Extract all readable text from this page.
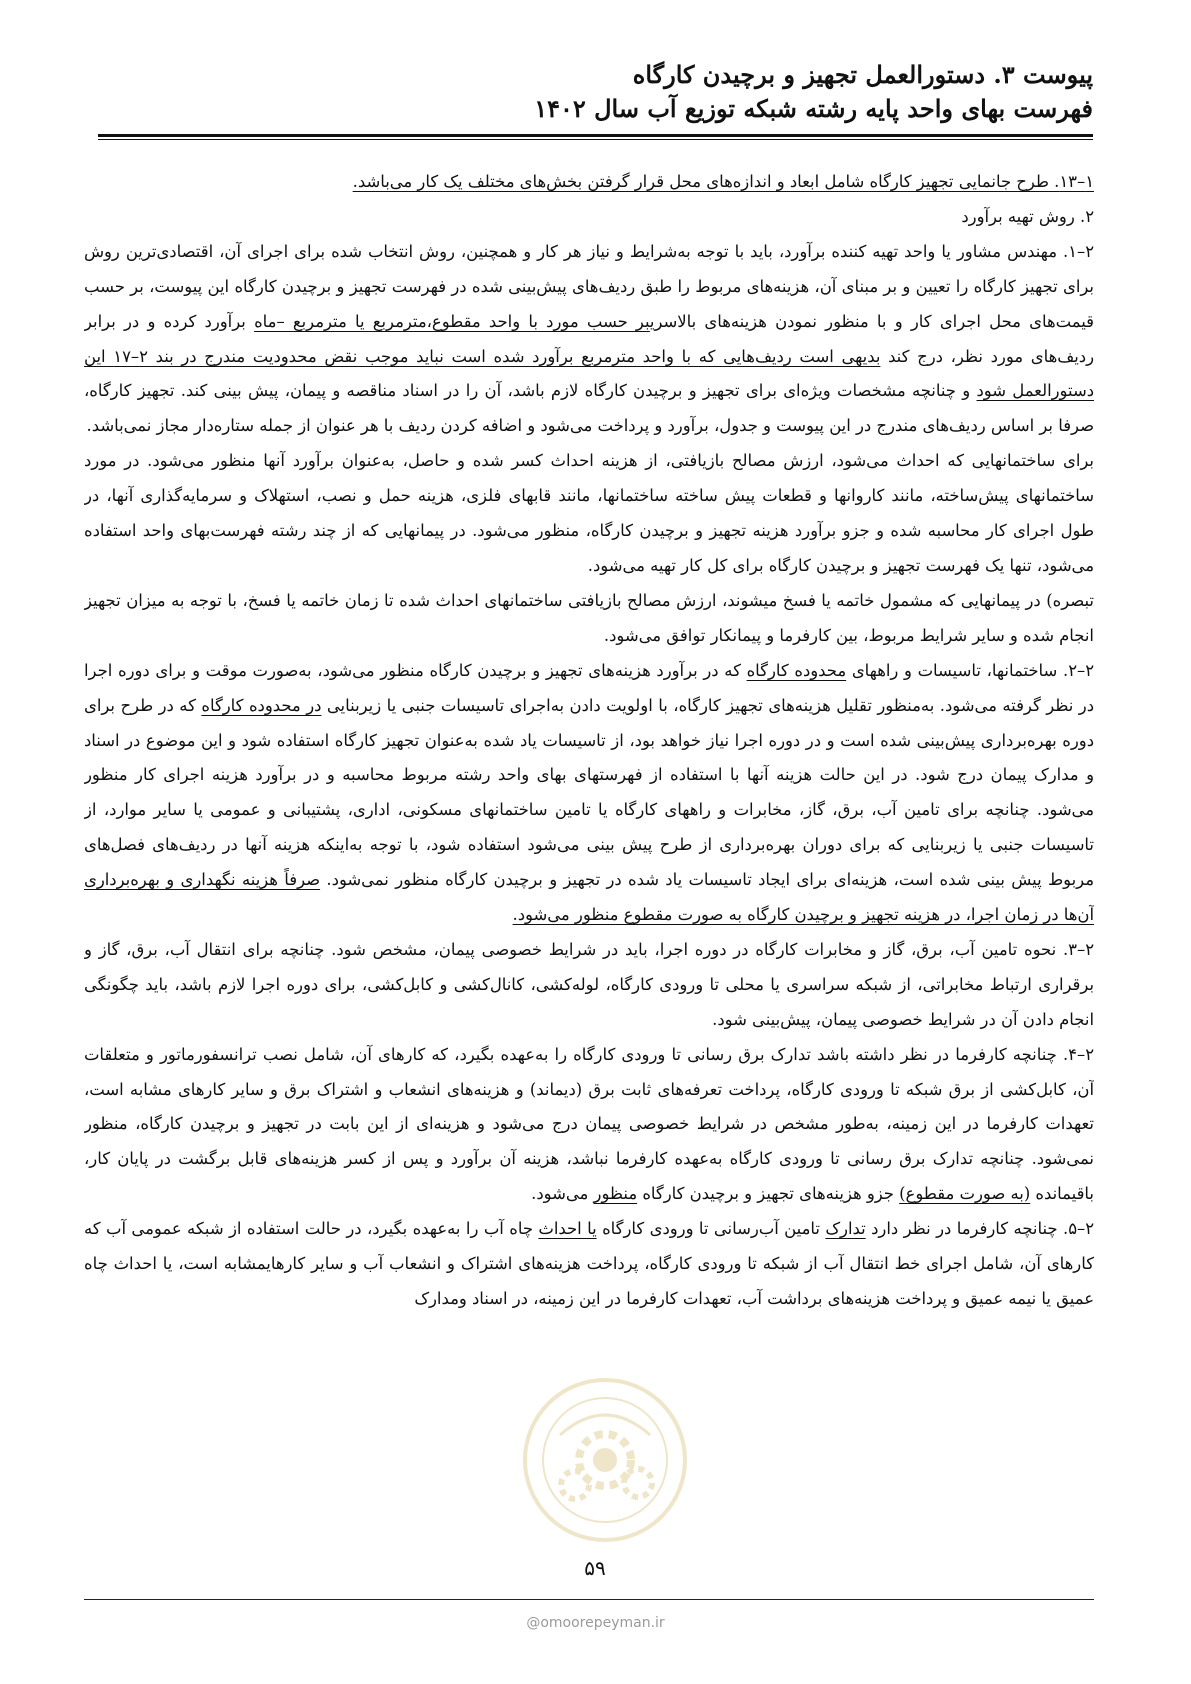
پیوست ۳. دستورالعمل تجهیز و برچیدن کارگاه
فهرست بهای واحد پایه رشته شبکه توزیع آب سال ۱۴۰۲

۱–۱۳. طرح جانمایی تجهیز کارگاه شامل ابعاد و اندازه‌های محل قرار گرفتن بخش‌های مختلف یک کار می‌باشد.

۲. روش تهیه برآورد

۲–۱. مهندس مشاور یا واحد تهیه کننده برآورد، باید با توجه به‌شرایط و نیاز هر کار و همچنین، روش انتخاب شده برای اجرای آن، اقتصادی‌ترین روش برای تجهیز کارگاه را تعیین و بر مبنای آن، هزینه‌های مربوط را طبق ردیف‌های پیش‌بینی شده در فهرست تجهیز و برچیدن کارگاه این پیوست، بر حسب قیمت‌های محل اجرای کار و با منظور نمودن هزینه‌های بالاسریبر حسب مورد با واحد مقطوع،مترمربع یا مترمربع –ماه برآورد کرده و در برابر ردیف‌های مورد نظر، درج کند بدیهی است ردیف‌هایی که با واحد مترمربع برآورد شده است نباید موجب نقض محدودیت مندرج در بند ۲–۱۷ این دستورالعمل شود و چنانچه مشخصات ویژه‌ای برای تجهیز و برچیدن کارگاه لازم باشد، آن را در اسناد مناقصه و پیمان، پیش بینی کند. تجهیز کارگاه، صرفا بر اساس ردیف‌های مندرج در این پیوست و جدول، برآورد و پرداخت می‌شود و اضافه کردن ردیف با هر عنوان از جمله ستاره‌دار مجاز نمی‌باشد.

برای ساختمانهایی که احداث می‌شود، ارزش مصالح بازیافتی، از هزینه احداث کسر شده و حاصل، به‌عنوان برآورد آنها منظور می‌شود. در مورد ساختمانهای پیش‌ساخته، مانند کاروانها و قطعات پیش ساخته ساختمانها، مانند قابهای فلزی، هزینه حمل و نصب، استهلاک و سرمایه‌گذاری آنها، در طول اجرای کار محاسبه شده و جزو برآورد هزینه تجهیز و برچیدن کارگاه، منظور می‌شود. در پیمانهایی که از چند رشته فهرست‌بهای واحد استفاده می‌شود، تنها یک فهرست تجهیز و برچیدن کارگاه برای کل کار تهیه می‌شود.

تبصره) در پیمانهایی که مشمول خاتمه یا فسخ میشوند، ارزش مصالح بازیافتی ساختمانهای احداث شده تا زمان خاتمه یا فسخ، با توجه به میزان تجهیز انجام شده و سایر شرایط مربوط، بین کارفرما و پیمانکار توافق می‌شود.

۲–۲. ساختمانها، تاسیسات و راههای محدوده کارگاه که در برآورد هزینه‌های تجهیز و برچیدن کارگاه منظور می‌شود، به‌صورت موقت و برای دوره اجرا در نظر گرفته می‌شود. به‌منظور تقلیل هزینه‌های تجهیز کارگاه، با اولویت دادن به‌اجرای تاسیسات جنبی یا زیربنایی در محدوده کارگاه که در طرح برای دوره بهره‌برداری پیش‌بینی شده است و در دوره اجرا نیاز خواهد بود، از تاسیسات یاد شده به‌عنوان تجهیز کارگاه استفاده شود و این موضوع در اسناد و مدارک پیمان درج شود. در این حالت هزینه آنها با استفاده از فهرستهای بهای واحد رشته مربوط محاسبه و در برآورد هزینه اجرای کار منظور می‌شود. چنانچه برای تامین آب، برق، گاز، مخابرات و راههای کارگاه یا تامین ساختمانهای مسکونی، اداری، پشتیبانی و عمومی یا سایر موارد، از تاسیسات جنبی یا زیربنایی که برای دوران بهره‌برداری از طرح پیش بینی می‌شود استفاده شود، با توجه به‌اینکه هزینه آنها در ردیف‌های فصل‌های مربوط پیش بینی شده است، هزینه‌ای برای ایجاد تاسیسات یاد شده در تجهیز و برچیدن کارگاه منظور نمی‌شود. صرفاً هزینه نگهداری و بهره‌برداری آن‌ها در زمان اجرا، در هزینه تجهیز و برچیدن کارگاه به صورت مقطوع منظور می‌شود.

۲–۳. نحوه تامین آب، برق، گاز و مخابرات کارگاه در دوره اجرا، باید در شرایط خصوصی پیمان، مشخص شود. چنانچه برای انتقال آب، برق، گاز و برقراری ارتباط مخابراتی، از شبکه سراسری یا محلی تا ورودی کارگاه، لوله‌کشی، کانال‌کشی و کابل‌کشی، برای دوره اجرا لازم باشد، باید چگونگی انجام دادن آن در شرایط خصوصی پیمان، پیش‌بینی شود.

۲–۴. چنانچه کارفرما در نظر داشته باشد تدارک برق رسانی تا ورودی کارگاه را به‌عهده بگیرد، که کارهای آن، شامل نصب ترانسفورماتور و متعلقات آن، کابل‌کشی از برق شبکه تا ورودی کارگاه، پرداخت تعرفه‌های ثابت برق (دیماند) و هزینه‌های انشعاب و اشتراک برق و سایر کارهای مشابه است، تعهدات کارفرما در این زمینه، به‌طور مشخص در شرایط خصوصی پیمان درج می‌شود و هزینه‌ای از این بابت در تجهیز و برچیدن کارگاه، منظور نمی‌شود. چنانچه تدارک برق رسانی تا ورودی کارگاه به‌عهده کارفرما نباشد، هزینه آن برآورد و پس از کسر هزینه‌های قابل برگشت در پایان کار، باقیمانده (به صورت مقطوع) جزو هزینه‌های تجهیز و برچیدن کارگاه منظور می‌شود.

۲–۵. چنانچه کارفرما در نظر دارد تدارک تامین آب‌رسانی تا ورودی کارگاه یا احداث چاه آب را به‌عهده بگیرد، در حالت استفاده از شبکه عمومی آب که کارهای آن، شامل اجرای خط انتقال آب از شبکه تا ورودی کارگاه، پرداخت هزینه‌های اشتراک و انشعاب آب و سایر کارهایمشابه است، یا احداث چاه عمیق یا نیمه عمیق و پرداخت هزینه‌های برداشت آب، تعهدات کارفرما در این زمینه، در اسناد ومدارک

۵۹
@omoorepeyman.ir
